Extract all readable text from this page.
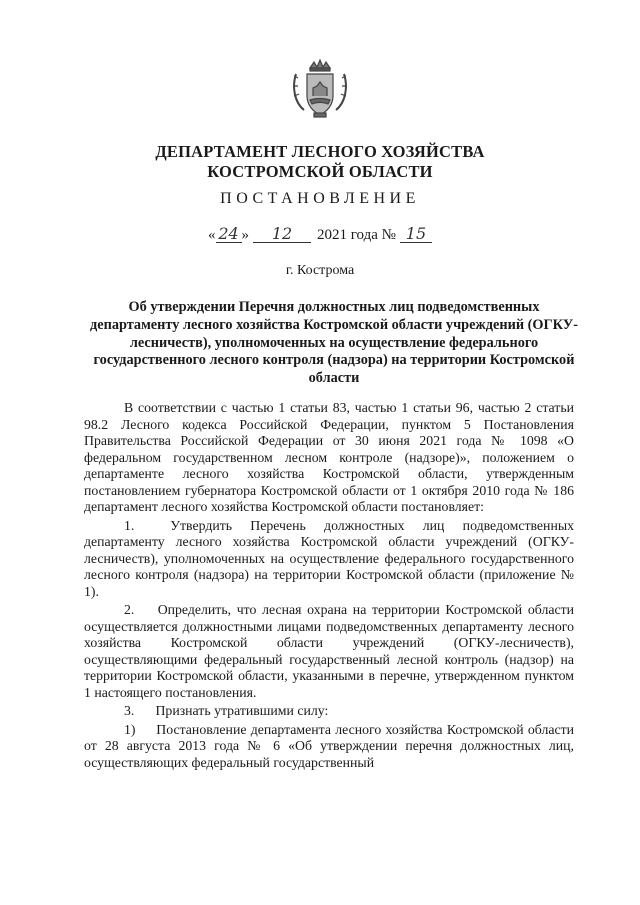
ДЕПАРТАМЕНТ ЛЕСНОГО ХОЗЯЙСТВА
КОСТРОМСКОЙ ОБЛАСТИ
ПОСТАНОВЛЕНИЕ
« 24 » 12 2021 года № 15
г. Кострома
Об утверждении Перечня должностных лиц подведомственных департаменту лесного хозяйства Костромской области учреждений (ОГКУ-лесничеств), уполномоченных на осуществление федерального государственного лесного контроля (надзора) на территории Костромской области

В соответствии с частью 1 статьи 83, частью 1 статьи 96, частью 2 статьи 98.2 Лесного кодекса Российской Федерации, пунктом 5 Постановления Правительства Российской Федерации от 30 июня 2021 года № 1098 «О федеральном государственном лесном контроле (надзоре)», положением о департаменте лесного хозяйства Костромской области, утвержденным постановлением губернатора Костромской области от 1 октября 2010 года № 186 департамент лесного хозяйства Костромской области постановляет:

1.	Утвердить Перечень должностных лиц подведомственных департаменту лесного хозяйства Костромской области учреждений (ОГКУ-лесничеств), уполномоченных на осуществление федерального государственного лесного контроля (надзора) на территории Костромской области (приложение № 1).

2. Определить, что лесная охрана на территории Костромской области осуществляется должностными лицами подведомственных департаменту лесного хозяйства Костромской области учреждений (ОГКУ-лесничеств), осуществляющими федеральный государственный лесной контроль (надзор) на территории Костромской области, указанными в перечне, утвержденном пунктом 1 настоящего постановления.

3. Признать утратившими силу:

1) Постановление департамента лесного хозяйства Костромской области от 28 августа 2013 года № 6 «Об утверждении перечня должностных лиц, осуществляющих федеральный государственный
